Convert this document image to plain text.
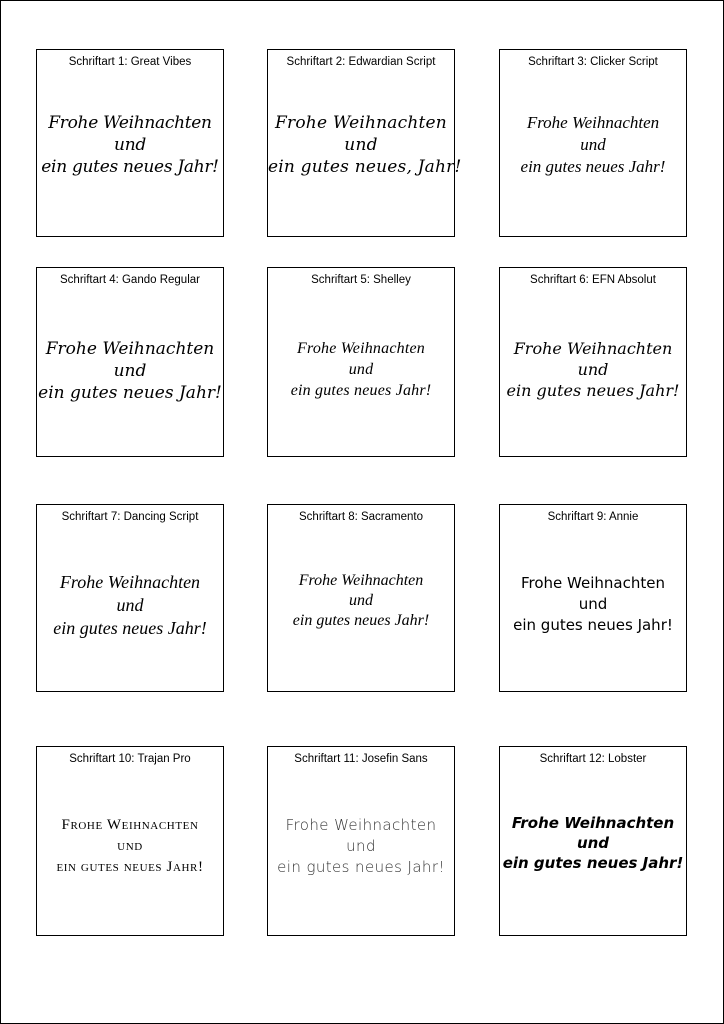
Schriftart 1: Great Vibes
Frohe Weihnachten
und
ein gutes neues Jahr!
Schriftart 2: Edwardian Script
Frohe Weihnachten
und
ein gutes neues, Jahr!
Schriftart 3: Clicker Script
Frohe Weihnachten
und
ein gutes neues Jahr!
Schriftart 4: Gando Regular
Frohe Weihnachten
und
ein gutes neues Jahr!
Schriftart 5: Shelley
Frohe Weihnachten
und
ein gutes neues Jahr!
Schriftart 6: EFN Absolut
Frohe Weihnachten
und
ein gutes neues Jahr!
Schriftart 7: Dancing Script
Frohe Weihnachten
und
ein gutes neues Jahr!
Schriftart 8: Sacramento
Frohe Weihnachten
und
ein gutes neues Jahr!
Schriftart 9: Annie
Frohe Weihnachten
und
ein gutes neues Jahr!
Schriftart 10: Trajan Pro
Frohe Weihnachten
und
ein gutes neues Jahr!
Schriftart 11: Josefin Sans
Frohe Weihnachten
und
ein gutes neues Jahr!
Schriftart 12: Lobster
Frohe Weihnachten
und
ein gutes neues Jahr!
